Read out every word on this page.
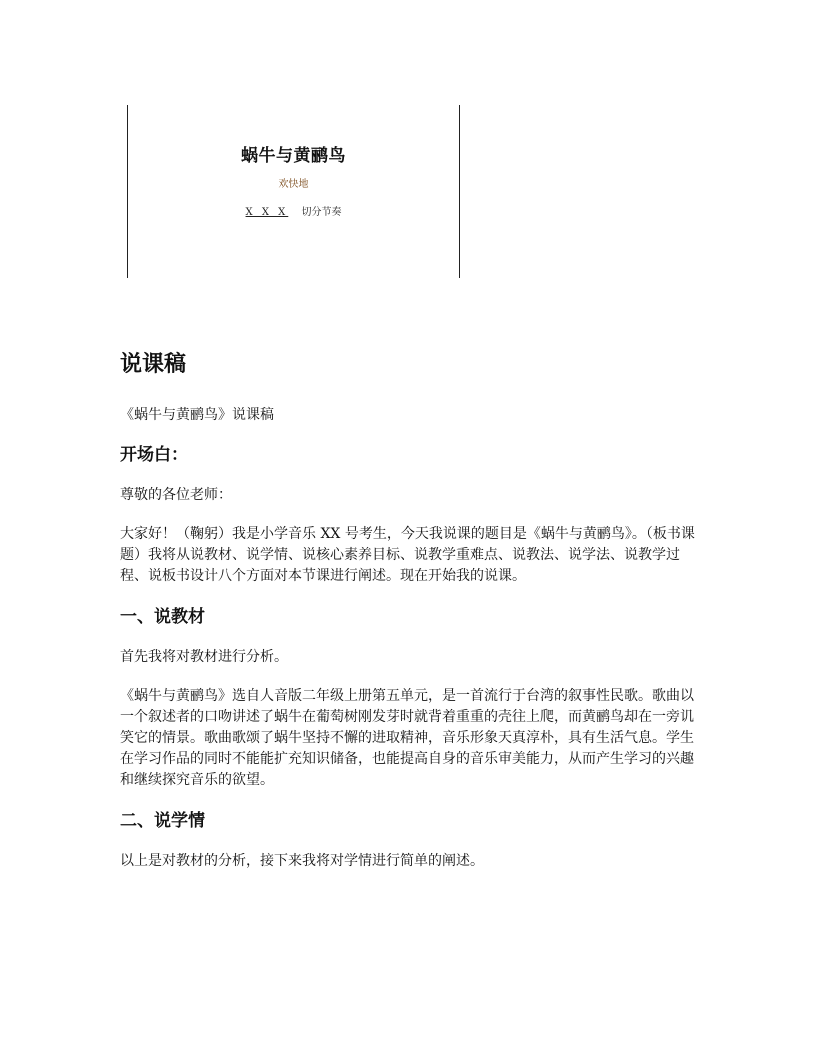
蜗牛与黄鹂鸟
欢快地
X X X 切分节奏
说课稿

《蜗牛与黄鹂鸟》说课稿

开场白：

尊敬的各位老师：

大家好！（鞠躬）我是小学音乐 XX 号考生，今天我说课的题目是《蜗牛与黄鹂鸟》。（板书课题）我将从说教材、说学情、说核心素养目标、说教学重难点、说教法、说学法、说教学过程、说板书设计八个方面对本节课进行阐述。现在开始我的说课。

一、说教材

首先我将对教材进行分析。

《蜗牛与黄鹂鸟》选自人音版二年级上册第五单元，是一首流行于台湾的叙事性民歌。歌曲以一个叙述者的口吻讲述了蜗牛在葡萄树刚发芽时就背着重重的壳往上爬，而黄鹂鸟却在一旁讥笑它的情景。歌曲歌颂了蜗牛坚持不懈的进取精神，音乐形象天真淳朴，具有生活气息。学生在学习作品的同时不能能扩充知识储备，也能提高自身的音乐审美能力，从而产生学习的兴趣和继续探究音乐的欲望。

二、说学情

以上是对教材的分析，接下来我将对学情进行简单的阐述。
